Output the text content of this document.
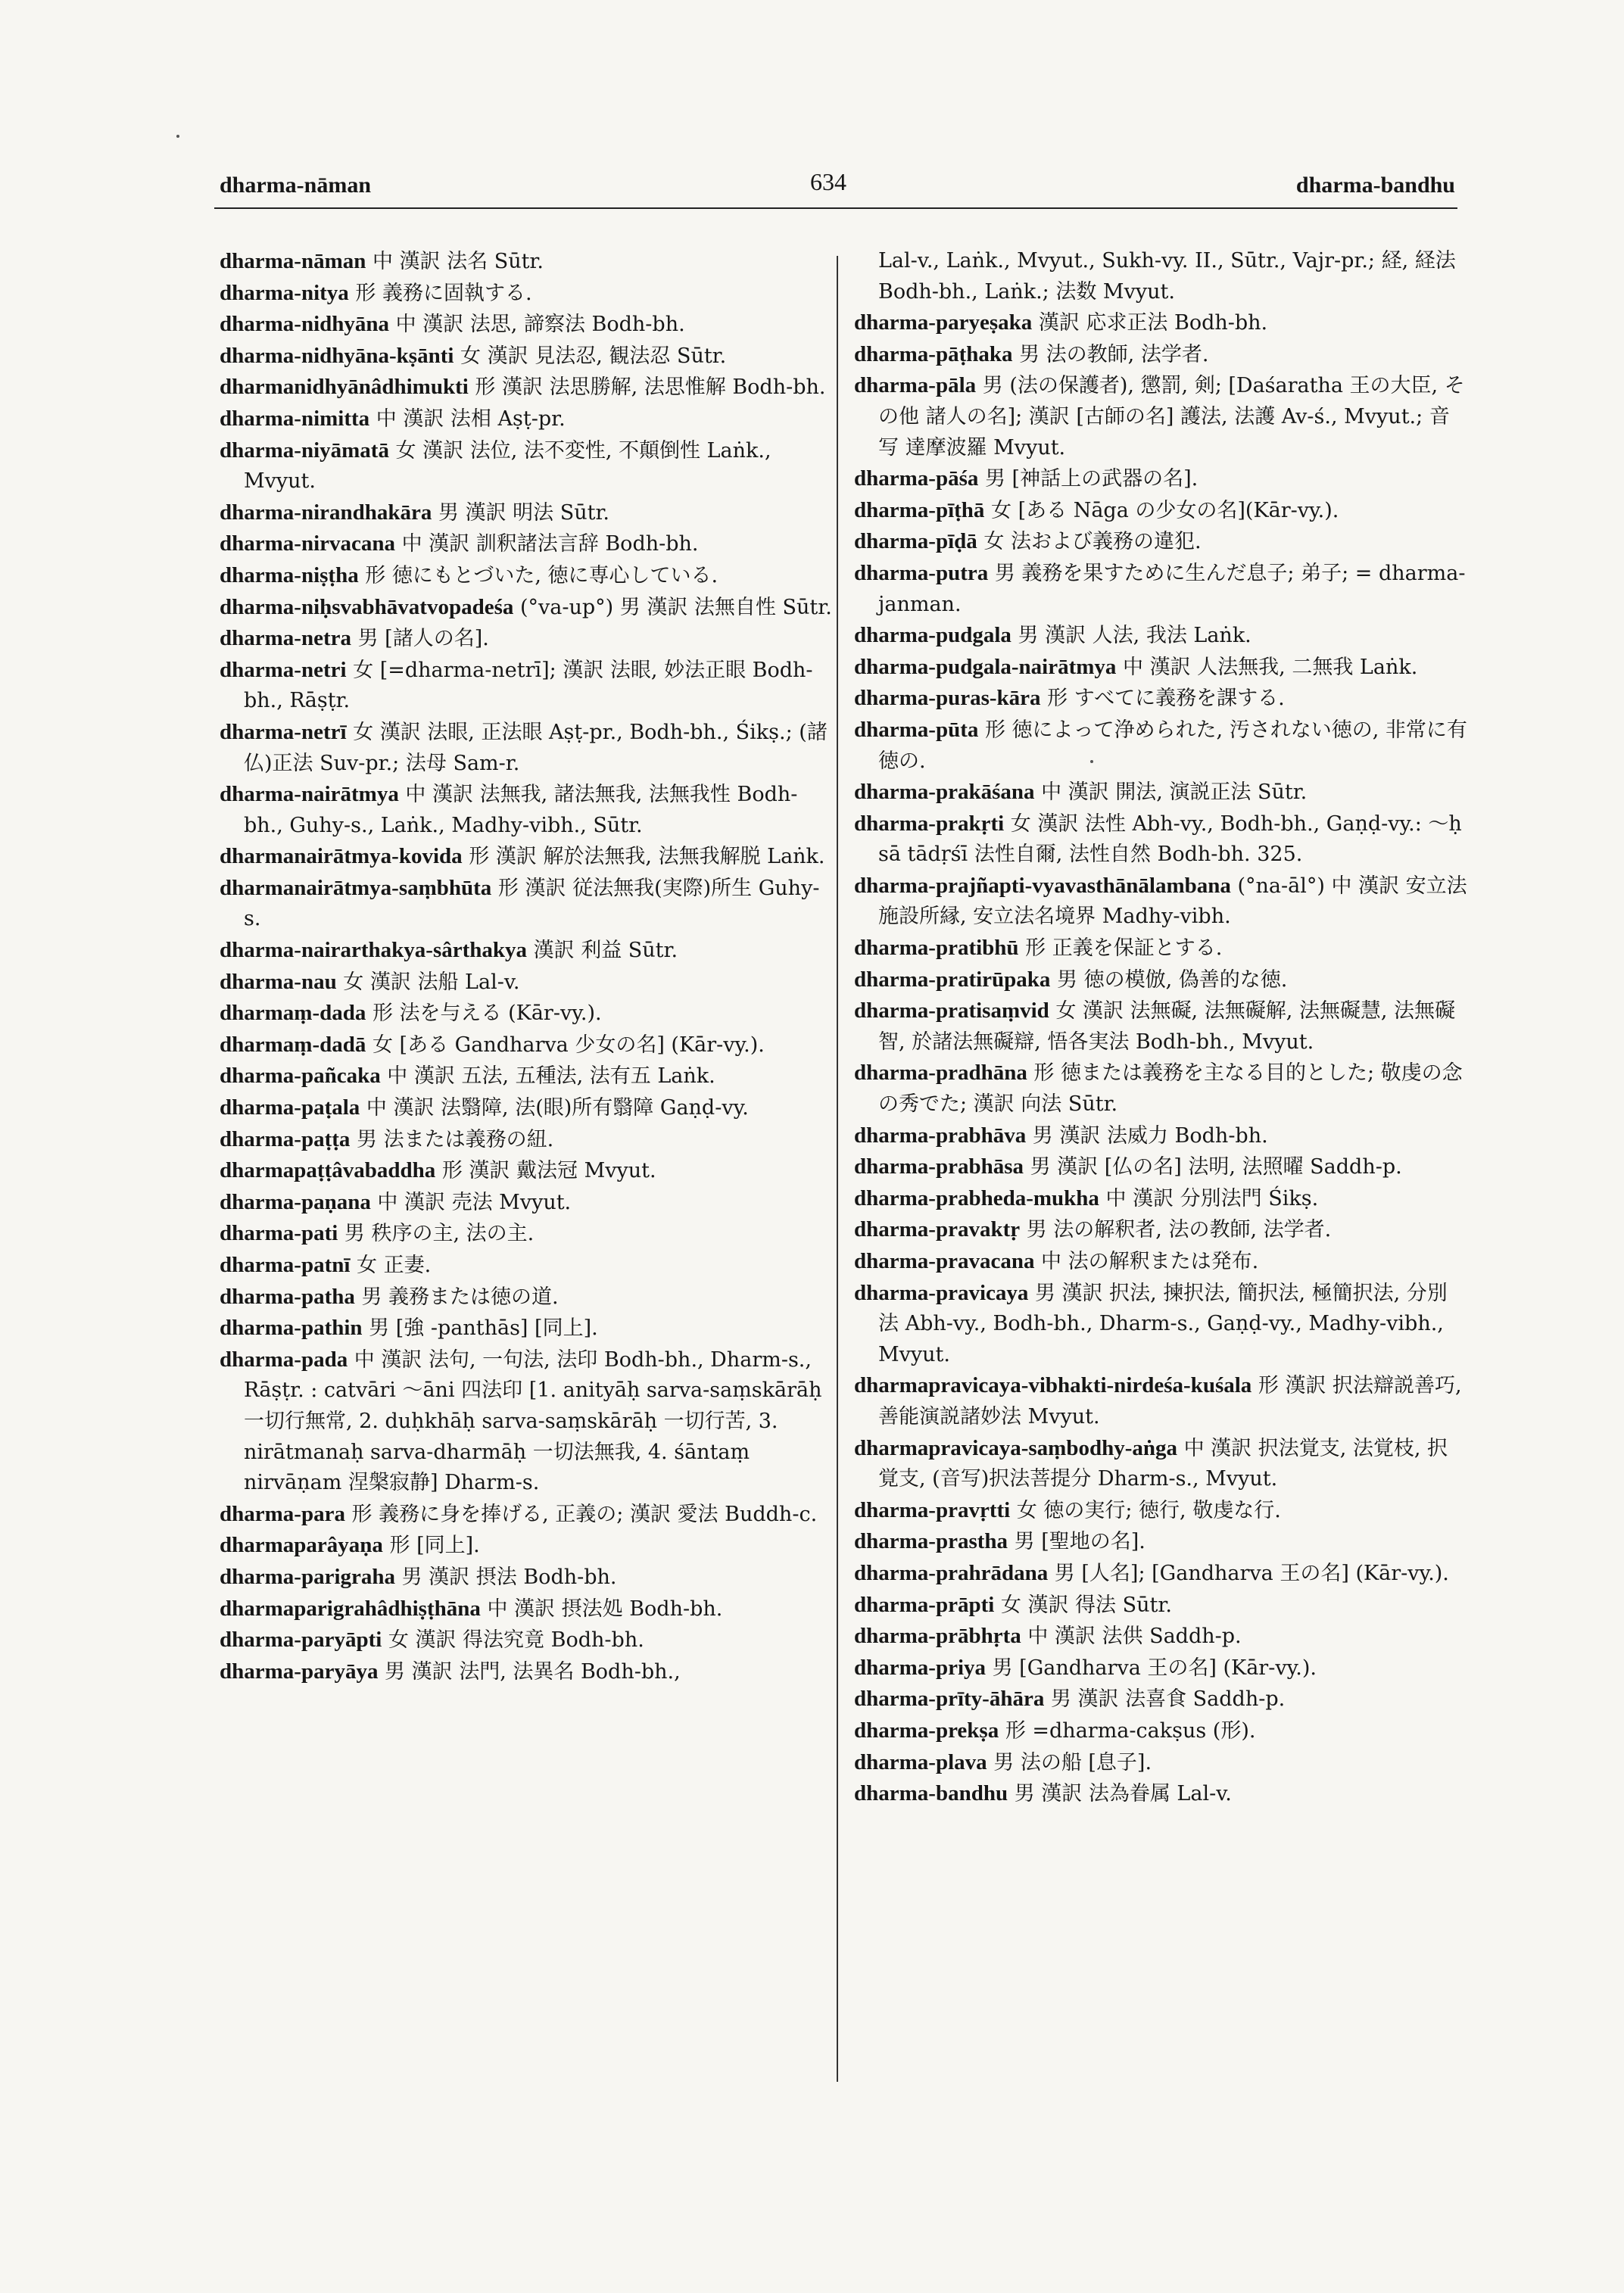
dharma-nāman	634	dharma-bandhu
dharma-nāman 中 漢訳 法名 Sūtr.
dharma-nitya 形 義務に固執する.
dharma-nidhyāna 中 漢訳 法思, 諦察法 Bodh-bh.
dharma-nidhyāna-kṣānti 女 漢訳 見法忍, 観法忍 Sūtr.
dharmanidhyānâdhimukti 形 漢訳 法思勝解, 法思惟解 Bodh-bh.
dharma-nimitta 中 漢訳 法相 Aṣṭ-pr.
dharma-niyāmatā 女 漢訳 法位, 法不変性, 不顛倒性 Laṅk., Mvyut.
dharma-nirandhakāra 男 漢訳 明法 Sūtr.
dharma-nirvacana 中 漢訳 訓釈諸法言辞 Bodh-bh.
dharma-niṣṭha 形 徳にもとづいた, 徳に専心している.
dharma-niḥsvabhāvatvopadeśa (°va-up°) 男 漢訳 法無自性 Sūtr.
dharma-netra 男 [諸人の名].
dharma-netri 女 [=dharma-netrī]; 漢訳 法眼, 妙法正眼 Bodh-bh., Rāṣṭr.
dharma-netrī 女 漢訳 法眼, 正法眼 Aṣṭ-pr., Bodh-bh., Śikṣ.; (諸仏)正法 Suv-pr.; 法母 Sam-r.
dharma-nairātmya 中 漢訳 法無我, 諸法無我, 法無我性 Bodh-bh., Guhy-s., Laṅk., Madhy-vibh., Sūtr.
dharmanairātmya-kovida 形 漢訳 解於法無我, 法無我解脱 Laṅk.
dharmanairātmya-saṃbhūta 形 漢訳 従法無我(実際)所生 Guhy-s.
dharma-nairarthakya-sârthakya 漢訳 利益 Sūtr.
dharma-nau 女 漢訳 法船 Lal-v.
dharmaṃ-dada 形 法を与える (Kār-vy.).
dharmaṃ-dadā 女 [ある Gandharva 少女の名] (Kār-vy.).
dharma-pañcaka 中 漢訳 五法, 五種法, 法有五 Laṅk.
dharma-paṭala 中 漢訳 法翳障, 法(眼)所有翳障 Gaṇḍ-vy.
dharma-paṭṭa 男 法または義務の紐.
dharmapaṭṭâvabaddha 形 漢訳 戴法冠 Mvyut.
dharma-paṇana 中 漢訳 売法 Mvyut.
dharma-pati 男 秩序の主, 法の主.
dharma-patnī 女 正妻.
dharma-patha 男 義務または徳の道.
dharma-pathin 男 [強 -panthās] [同上].
dharma-pada 中 漢訳 法句, 一句法, 法印 Bodh-bh., Dharm-s., Rāṣṭr. : catvāri ～āni 四法印 [1. anityāḥ sarva-saṃskārāḥ 一切行無常, 2. duḥkhāḥ sarva-saṃskārāḥ 一切行苦, 3. nirātmanaḥ sarva-dharmāḥ 一切法無我, 4. śāntaṃ nirvāṇam 涅槃寂静] Dharm-s.
dharma-para 形 義務に身を捧げる, 正義の; 漢訳 愛法 Buddh-c.
dharmaparâyaṇa 形 [同上].
dharma-parigraha 男 漢訳 摂法 Bodh-bh.
dharmaparigrahâdhiṣṭhāna 中 漢訳 摂法処 Bodh-bh.
dharma-paryāpti 女 漢訳 得法究竟 Bodh-bh.
dharma-paryāya 男 漢訳 法門, 法異名 Bodh-bh.,
Lal-v., Laṅk., Mvyut., Sukh-vy. II., Sūtr., Vajr-pr.; 経, 経法 Bodh-bh., Laṅk.; 法数 Mvyut.
dharma-paryeṣaka 漢訳 応求正法 Bodh-bh.
dharma-pāṭhaka 男 法の教師, 法学者.
dharma-pāla 男 (法の保護者), 懲罰, 剣; [Daśaratha 王の大臣, その他 諸人の名]; 漢訳 [古師の名] 護法, 法護 Av-ś., Mvyut.; 音写 達摩波羅 Mvyut.
dharma-pāśa 男 [神話上の武器の名].
dharma-pīṭhā 女 [ある Nāga の少女の名](Kār-vy.).
dharma-pīḍā 女 法および義務の違犯.
dharma-putra 男 義務を果すために生んだ息子; 弟子; = dharma-janman.
dharma-pudgala 男 漢訳 人法, 我法 Laṅk.
dharma-pudgala-nairātmya 中 漢訳 人法無我, 二無我 Laṅk.
dharma-puras-kāra 形 すべてに義務を課する.
dharma-pūta 形 徳によって浄められた, 汚されない徳の, 非常に有徳の.
dharma-prakāśana 中 漢訳 開法, 演説正法 Sūtr.
dharma-prakṛti 女 漢訳 法性 Abh-vy., Bodh-bh., Gaṇḍ-vy.: ～ḥ sā tādṛśī 法性自爾, 法性自然 Bodh-bh. 325.
dharma-prajñapti-vyavasthānālambana (°na-āl°) 中 漢訳 安立法施設所縁, 安立法名境界 Madhy-vibh.
dharma-pratibhū 形 正義を保証とする.
dharma-pratirūpaka 男 徳の模倣, 偽善的な徳.
dharma-pratisaṃvid 女 漢訳 法無礙, 法無礙解, 法無礙慧, 法無礙智, 於諸法無礙辯, 悟各実法 Bodh-bh., Mvyut.
dharma-pradhāna 形 徳または義務を主なる目的とした; 敬虔の念の秀でた; 漢訳 向法 Sūtr.
dharma-prabhāva 男 漢訳 法威力 Bodh-bh.
dharma-prabhāsa 男 漢訳 [仏の名] 法明, 法照曜 Saddh-p.
dharma-prabheda-mukha 中 漢訳 分別法門 Śikṣ.
dharma-pravaktṛ 男 法の解釈者, 法の教師, 法学者.
dharma-pravacana 中 法の解釈または発布.
dharma-pravicaya 男 漢訳 択法, 揀択法, 簡択法, 極簡択法, 分別法 Abh-vy., Bodh-bh., Dharm-s., Gaṇḍ-vy., Madhy-vibh., Mvyut.
dharmapravicaya-vibhakti-nirdeśa-kuśala 形 漢訳 択法辯説善巧, 善能演説諸妙法 Mvyut.
dharmapravicaya-saṃbodhy-aṅga 中 漢訳 択法覚支, 法覚枝, 択覚支, (音写)択法菩提分 Dharm-s., Mvyut.
dharma-pravṛtti 女 徳の実行; 徳行, 敬虔な行.
dharma-prastha 男 [聖地の名].
dharma-prahrādana 男 [人名]; [Gandharva 王の名] (Kār-vy.).
dharma-prāpti 女 漢訳 得法 Sūtr.
dharma-prābhṛta 中 漢訳 法供 Saddh-p.
dharma-priya 男 [Gandharva 王の名] (Kār-vy.).
dharma-prīty-āhāra 男 漢訳 法喜食 Saddh-p.
dharma-prekṣa 形 =dharma-cakṣus (形).
dharma-plava 男 法の船 [息子].
dharma-bandhu 男 漢訳 法為眷属 Lal-v.
